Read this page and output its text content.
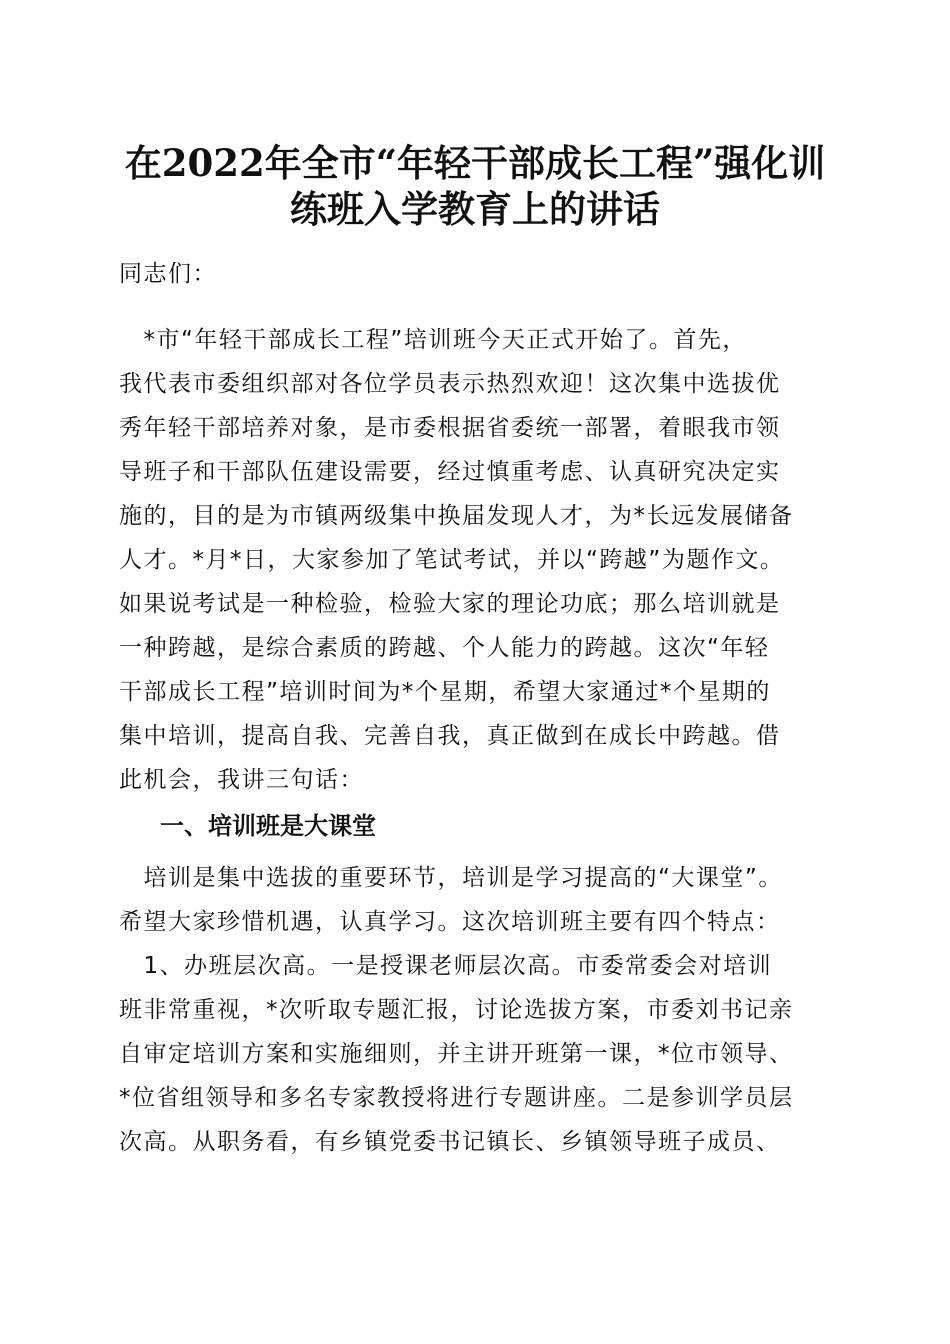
在2022年全市“年轻干部成长工程”强化训
练班入学教育上的讲话
同志们：
　*市“年轻干部成长工程”培训班今天正式开始了。首先，
我代表市委组织部对各位学员表示热烈欢迎！这次集中选拔优
秀年轻干部培养对象，是市委根据省委统一部署，着眼我市领
导班子和干部队伍建设需要，经过慎重考虑、认真研究决定实
施的，目的是为市镇两级集中换届发现人才，为*长远发展储备
人才。*月*日，大家参加了笔试考试，并以“跨越”为题作文。
如果说考试是一种检验，检验大家的理论功底；那么培训就是
一种跨越，是综合素质的跨越、个人能力的跨越。这次“年轻
干部成长工程”培训时间为*个星期，希望大家通过*个星期的
集中培训，提高自我、完善自我，真正做到在成长中跨越。借
此机会，我讲三句话：
一、培训班是大课堂
　培训是集中选拔的重要环节，培训是学习提高的“大课堂”。
希望大家珍惜机遇，认真学习。这次培训班主要有四个特点：
　1、办班层次高。一是授课老师层次高。市委常委会对培训
班非常重视，*次听取专题汇报，讨论选拔方案，市委刘书记亲
自审定培训方案和实施细则，并主讲开班第一课，*位市领导、
*位省组领导和多名专家教授将进行专题讲座。二是参训学员层
次高。从职务看，有乡镇党委书记镇长、乡镇领导班子成员、
